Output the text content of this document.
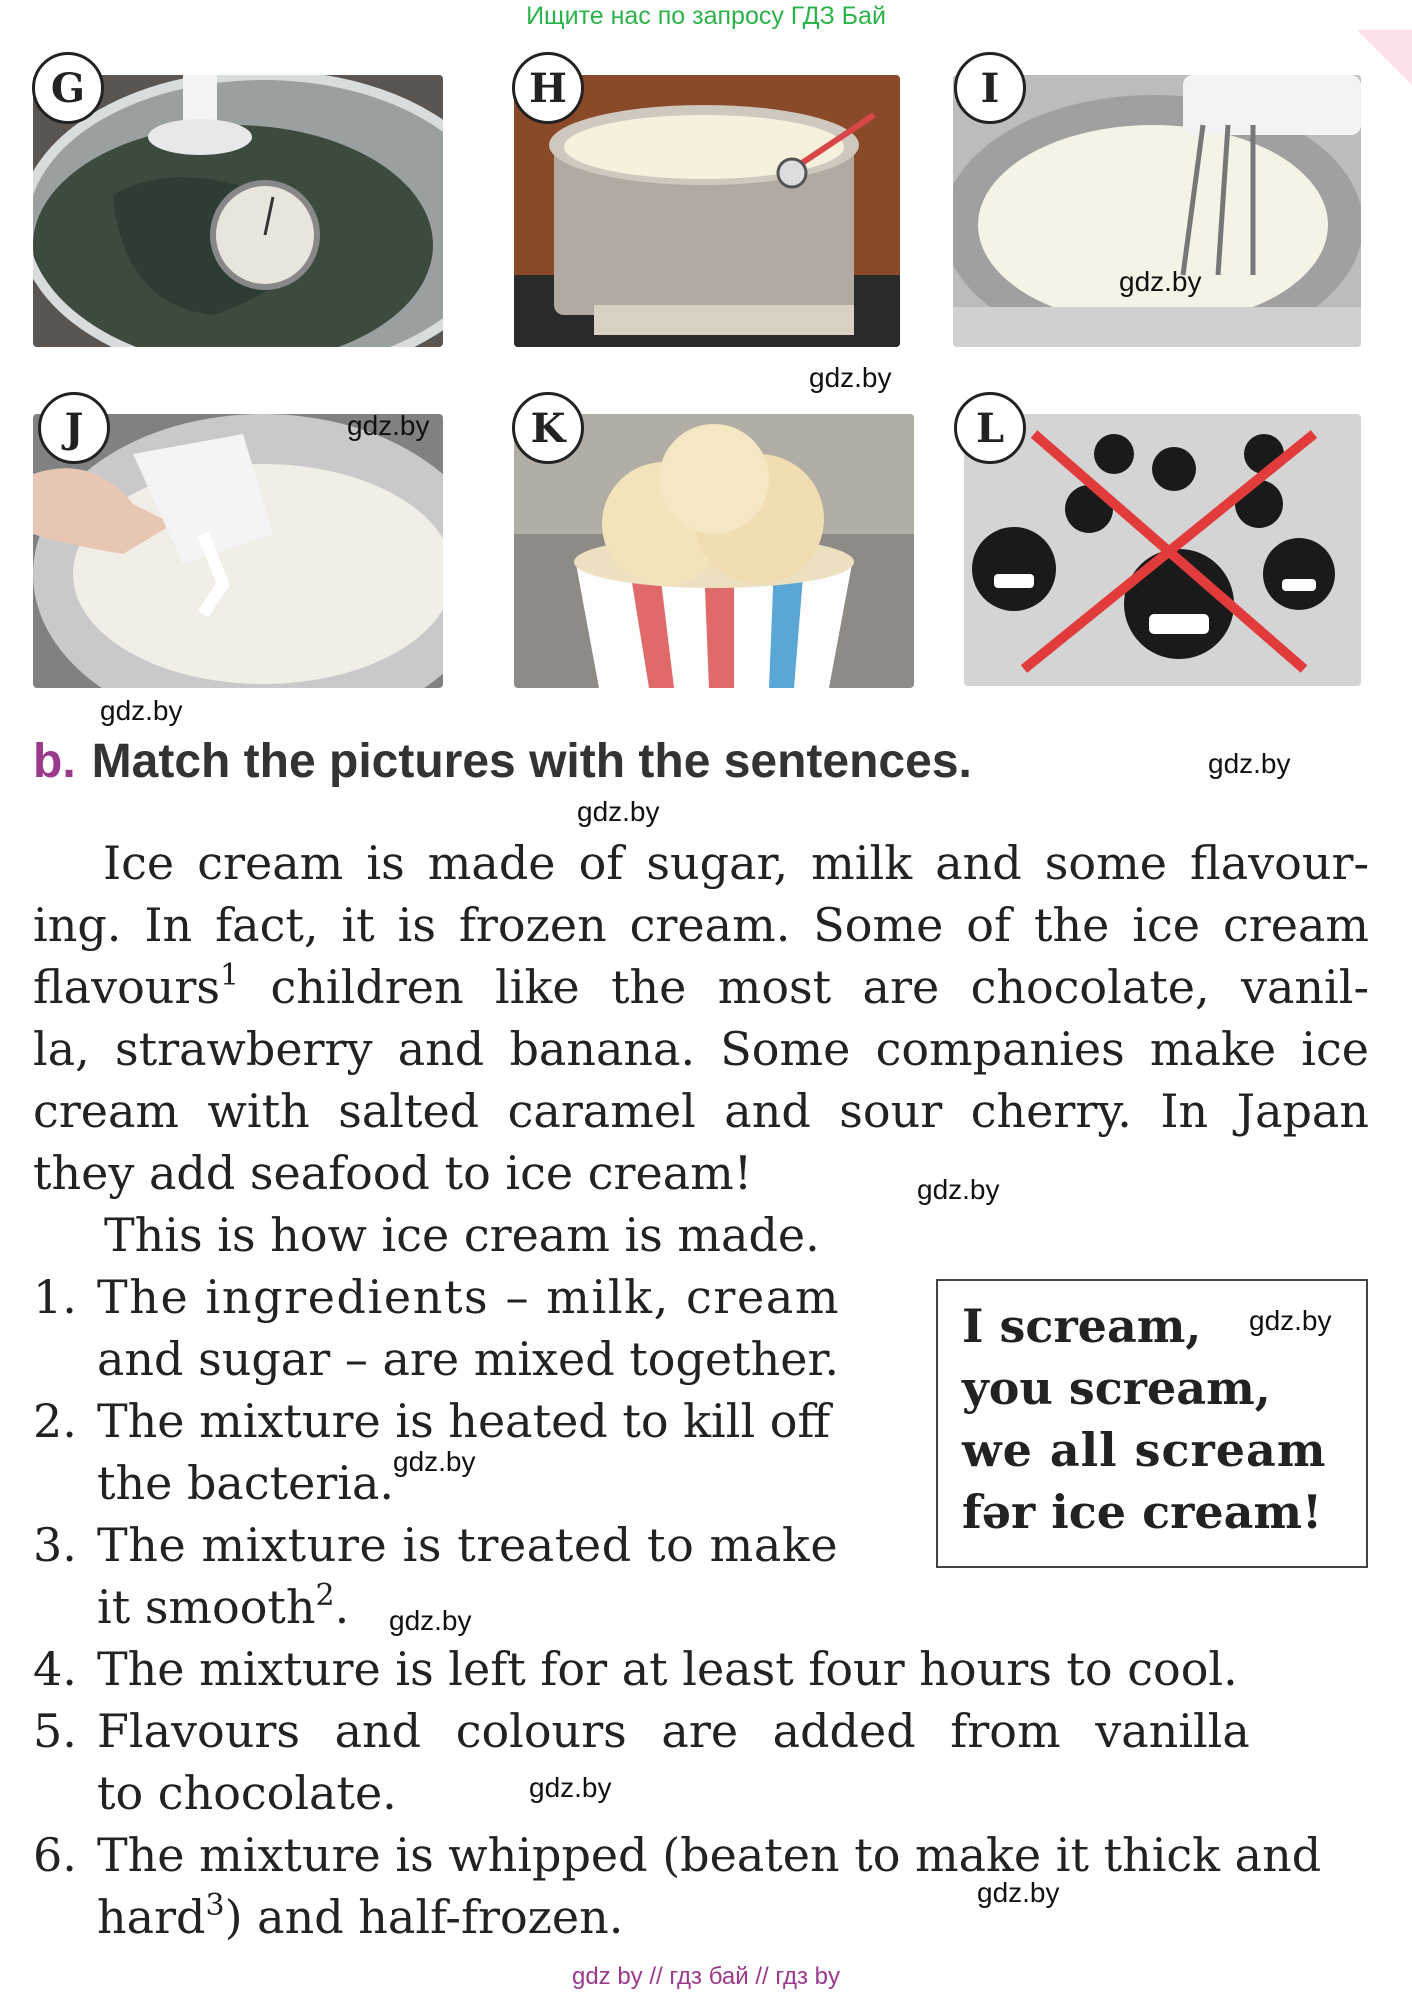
Ищите нас по запросу ГДЗ Бай
G	H	I
gdz.by
gdz.by
J	gdz.by
gdz.by
K	L
b. Match the pictures with the sentences.	gdz.by
gdz.by
Ice cream is made of sugar, milk and some flavour-
ing. In fact, it is frozen cream. Some of the ice cream
flavours$^1$ children like the most are chocolate, vanil-
la, strawberry and banana. Some companies make ice
cream with salted caramel and sour cherry. In Japan
they add seafood to ice cream!	gdz.by
This is how ice cream is made.
1. The ingredients – milk, cream
and sugar – are mixed together.
2. The mixture is heated to kill off
the bacteria.
gdz.by
3. The mixture is treated to make
it smooth$^2$. gdz.by
4. The mixture is left for at least four hours to cool.
5. Flavours and colours are added from vanilla
to chocolate.	gdz.by
6. The mixture is whipped (beaten to make it thick and
hard$^3$) and half-frozen.	gdz.by
I scream,
you scream,
we all scream
fər ice cream!
gdz.by
gdz by // гдз бай // гдз by
